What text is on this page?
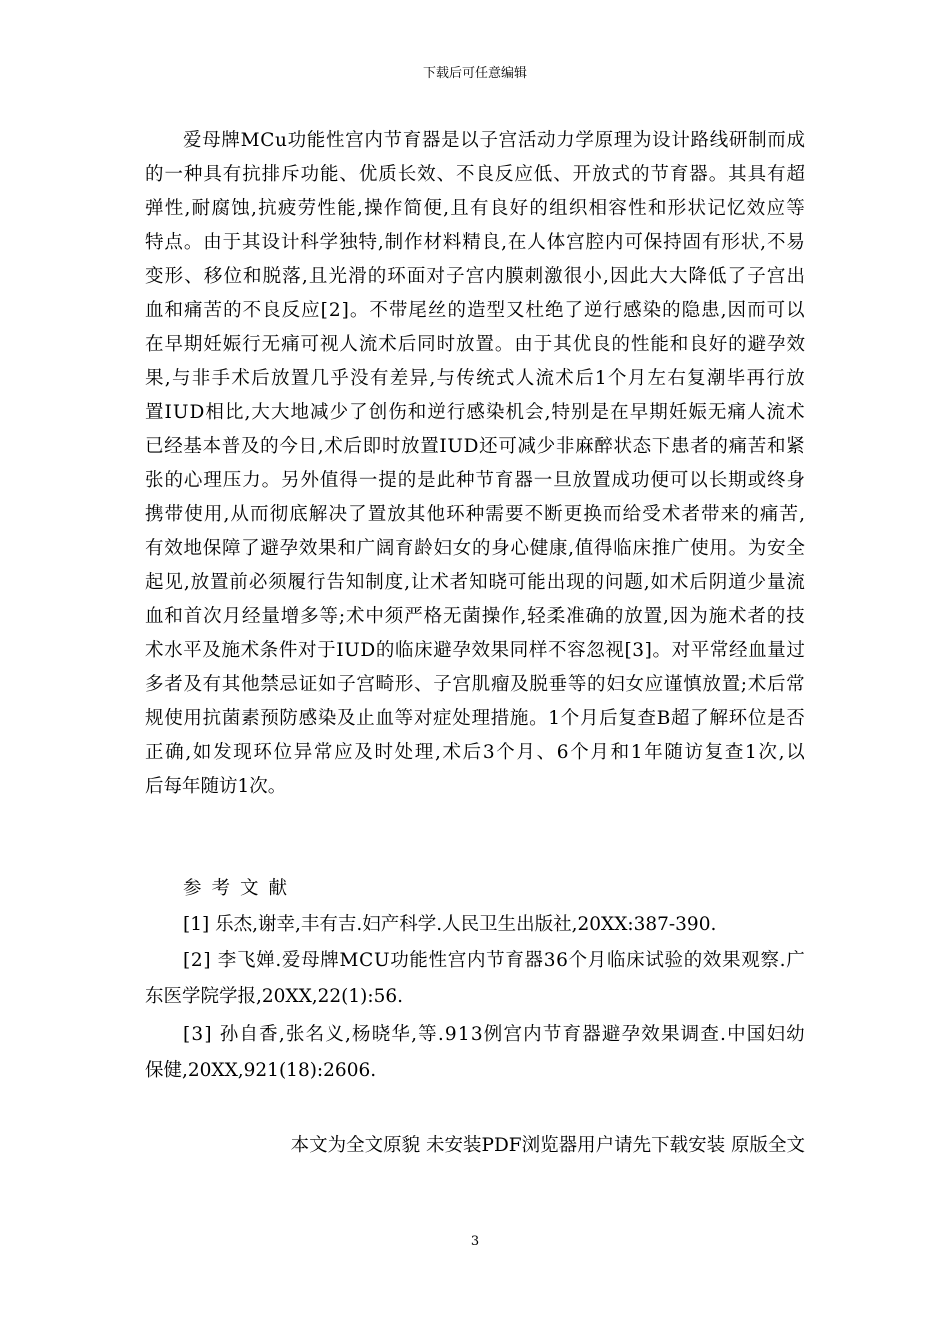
下载后可任意编辑
爱 母 牌 M C u 功 能 性 宫 内 节 育 器 是 以 子 宫 活 动 力 学 原 理 为 设 计 路 线 研 制 而 成
的 一 种 具 有 抗 排 斥 功 能 、 优 质 长 效 、 不 良 反 应 低 、 开 放 式 的 节 育 器 。 其 具 有 超
弹 性 , 耐 腐 蚀 , 抗 疲 劳 性 能 , 操 作 简 便 , 且 有 良 好 的 组 织 相 容 性 和 形 状 记 忆 效 应 等
特 点 。 由 于 其 设 计 科 学 独 特 , 制 作 材 料 精 良 , 在 人 体 宫 腔 内 可 保 持 固 有 形 状 , 不 易
变 形 、 移 位 和 脱 落 , 且 光 滑 的 环 面 对 子 宫 内 膜 刺 激 很 小 , 因 此 大 大 降 低 了 子 宫 出
血 和 痛 苦 的 不 良 反 应 [ 2 ] 。 不 带 尾 丝 的 造 型 又 杜 绝 了 逆 行 感 染 的 隐 患 , 因 而 可 以
在 早 期 妊 娠 行 无 痛 可 视 人 流 术 后 同 时 放 置 。 由 于 其 优 良 的 性 能 和 良 好 的 避 孕 效
果 , 与 非 手 术 后 放 置 几 乎 没 有 差 异 , 与 传 统 式 人 流 术 后 1 个 月 左 右 复 潮 毕 再 行 放
置 I U D 相 比 , 大 大 地 减 少 了 创 伤 和 逆 行 感 染 机 会 , 特 别 是 在 早 期 妊 娠 无 痛 人 流 术
已 经 基 本 普 及 的 今 日 , 术 后 即 时 放 置 I U D 还 可 减 少 非 麻 醉 状 态 下 患 者 的 痛 苦 和 紧
张 的 心 理 压 力 。 另 外 值 得 一 提 的 是 此 种 节 育 器 一 旦 放 置 成 功 便 可 以 长 期 或 终 身
携 带 使 用 , 从 而 彻 底 解 决 了 置 放 其 他 环 种 需 要 不 断 更 换 而 给 受 术 者 带 来 的 痛 苦 ,
有 效 地 保 障 了 避 孕 效 果 和 广 阔 育 龄 妇 女 的 身 心 健 康 , 值 得 临 床 推 广 使 用 。 为 安 全
起 见 , 放 置 前 必 须 履 行 告 知 制 度 , 让 术 者 知 晓 可 能 出 现 的 问 题 , 如 术 后 阴 道 少 量 流
血 和 首 次 月 经 量 增 多 等 ; 术 中 须 严 格 无 菌 操 作 , 轻 柔 准 确 的 放 置 , 因 为 施 术 者 的 技
术 水 平 及 施 术 条 件 对 于 I U D 的 临 床 避 孕 效 果 同 样 不 容 忽 视 [ 3 ] 。 对 平 常 经 血 量 过
多 者 及 有 其 他 禁 忌 证 如 子 宫 畸 形 、 子 宫 肌 瘤 及 脱 垂 等 的 妇 女 应 谨 慎 放 置 ; 术 后 常
规 使 用 抗 菌 素 预 防 感 染 及 止 血 等 对 症 处 理 措 施 。 1 个 月 后 复 查 B 超 了 解 环 位 是 否
正 确 , 如 发 现 环 位 异 常 应 及 时 处 理 , 术 后 3 个 月 、 6 个 月 和 1 年 随 访 复 查 1 次 , 以
后每年随访1次。
参考文献
[1] 乐杰,谢幸,丰有吉.妇产科学.人民卫生出版社,20XX:387-390.
[ 2 ]
李 飞 婵 . 爱 母 牌 M C U 功 能 性 宫 内 节 育 器 3 6 个 月 临 床 试 验 的 效 果 观 察 . 广
东医学院学报,20XX,22(1):56.
[ 3 ]
孙 自 香 , 张 名 义 , 杨 晓 华 , 等 . 9 1 3 例 宫 内 节 育 器 避 孕 效 果 调 查 . 中 国 妇 幼
保健,20XX,921(18):2606.
本文为全文原貌 未安装PDF浏览器用户请先下载安装 原版全文
3
